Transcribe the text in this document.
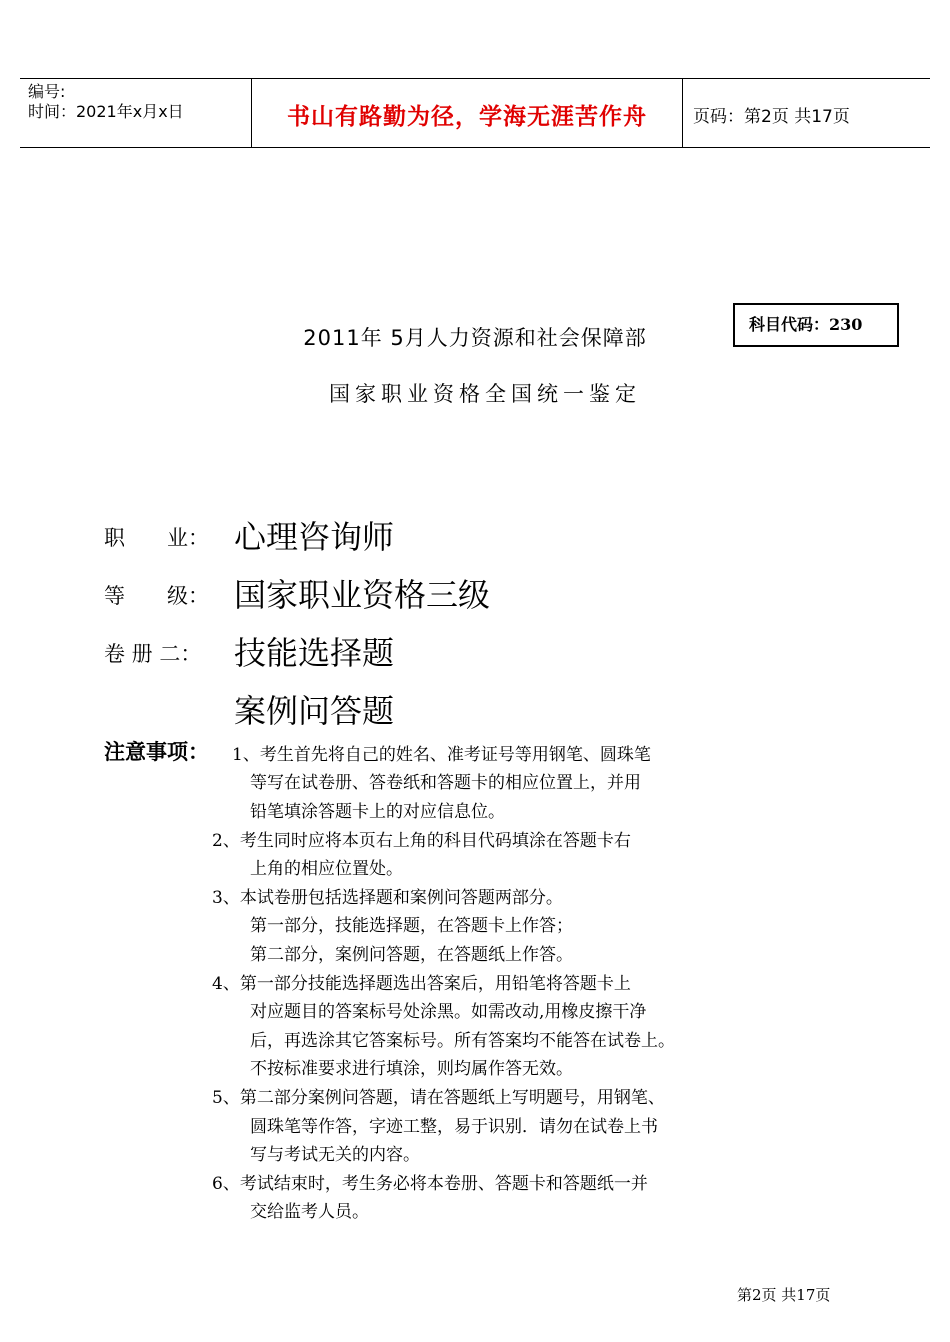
编号:
时间：2021年x月x日	书山有路勤为径，学海无涯苦作舟	页码：第2页 共17页
科目代码：230
2011年 5月人力资源和社会保障部
国家职业资格全国统一鉴定
职　　业： 心理咨询师
等　　级： 国家职业资格三级
卷 册 二： 技能选择题
案例问答题
注意事项： 1、考生首先将自己的姓名、准考证号等用钢笔、圆珠笔
等写在试卷册、答卷纸和答题卡的相应位置上，并用
铅笔填涂答题卡上的对应信息位。
2、考生同时应将本页右上角的科目代码填涂在答题卡右
上角的相应位置处。
3、本试卷册包括选择题和案例问答题两部分。
第一部分，技能选择题，在答题卡上作答；
第二部分，案例问答题，在答题纸上作答。
4、第一部分技能选择题选出答案后，用铅笔将答题卡上
对应题目的答案标号处涂黑。如需改动,用橡皮擦干净
后，再选涂其它答案标号。所有答案均不能答在试卷上。
不按标准要求进行填涂，则均属作答无效。
5、第二部分案例问答题，请在答题纸上写明题号，用钢笔、
圆珠笔等作答，字迹工整，易于识别．请勿在试卷上书
写与考试无关的内容。
6、考试结束时，考生务必将本卷册、答题卡和答题纸一并
交给监考人员。
第2页 共17页
